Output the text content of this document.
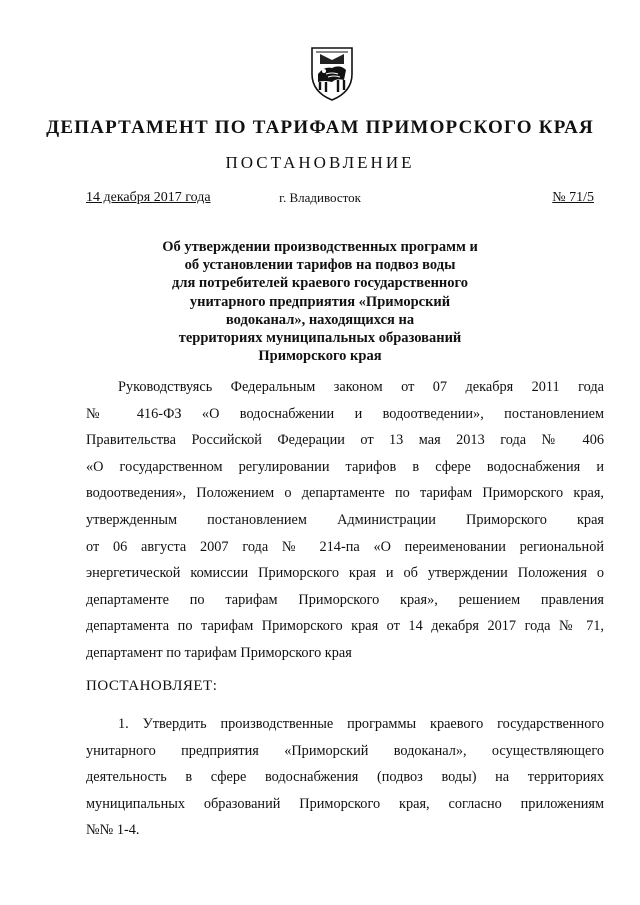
ДЕПАРТАМЕНТ ПО ТАРИФАМ ПРИМОРСКОГО КРАЯ
ПОСТАНОВЛЕНИЕ
14 декабря 2017 года	г. Владивосток	№ 71/5
Об утверждении производственных программ и
об установлении тарифов на подвоз воды
для потребителей краевого государственного
унитарного предприятия «Приморский
водоканал», находящихся на
территориях муниципальных образований
Приморского края
Руководствуясь Федеральным законом от 07 декабря 2011 года
№ 416-ФЗ «О водоснабжении и водоотведении», постановлением
Правительства Российской Федерации от 13 мая 2013 года № 406
«О государственном регулировании тарифов в сфере водоснабжения и
водоотведения», Положением о департаменте по тарифам Приморского края,
утвержденным постановлением Администрации Приморского края
от 06 августа 2007 года № 214-па «О переименовании региональной
энергетической комиссии Приморского края и об утверждении Положения о
департаменте по тарифам Приморского края», решением правления
департамента по тарифам Приморского края от 14 декабря 2017 года № 71,
департамент по тарифам Приморского края
ПОСТАНОВЛЯЕТ:
1. Утвердить производственные программы краевого государственного
унитарного предприятия «Приморский водоканал», осуществляющего
деятельность в сфере водоснабжения (подвоз воды) на территориях
муниципальных образований Приморского края, согласно приложениям
№№ 1-4.
